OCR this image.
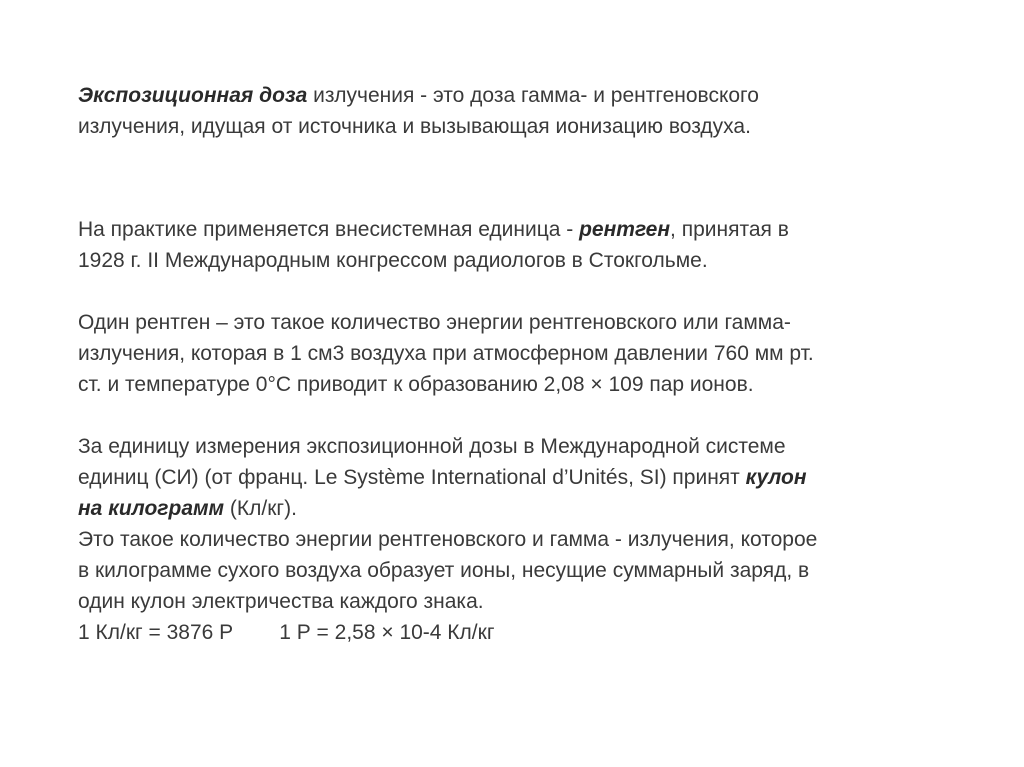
Экспозиционная доза излучения - это доза гамма- и рентгеновского
излучения, идущая от источника и вызывающая ионизацию воздуха.

На практике применяется внесистемная единица - рентген, принятая в
1928 г. II Международным конгрессом радиологов в Стокгольме.

Один рентген – это такое количество энергии рентгеновского или гамма-
излучения, которая в 1 см3 воздуха при атмосферном давлении 760 мм рт.
ст. и температуре 0°С приводит к образованию 2,08 × 109 пар ионов.

За единицу измерения экспозиционной дозы в Международной системе
единиц (СИ) (от франц. Le Système International d’Unités, SI) принят кулон
на килограмм (Кл/кг).
Это такое количество энергии рентгеновского и гамма - излучения, которое
в килограмме сухого воздуха образует ионы, несущие суммарный заряд, в
один кулон электричества каждого знака.
1 Кл/кг = 3876 Р 1 Р = 2,58 × 10-4 Кл/кг
